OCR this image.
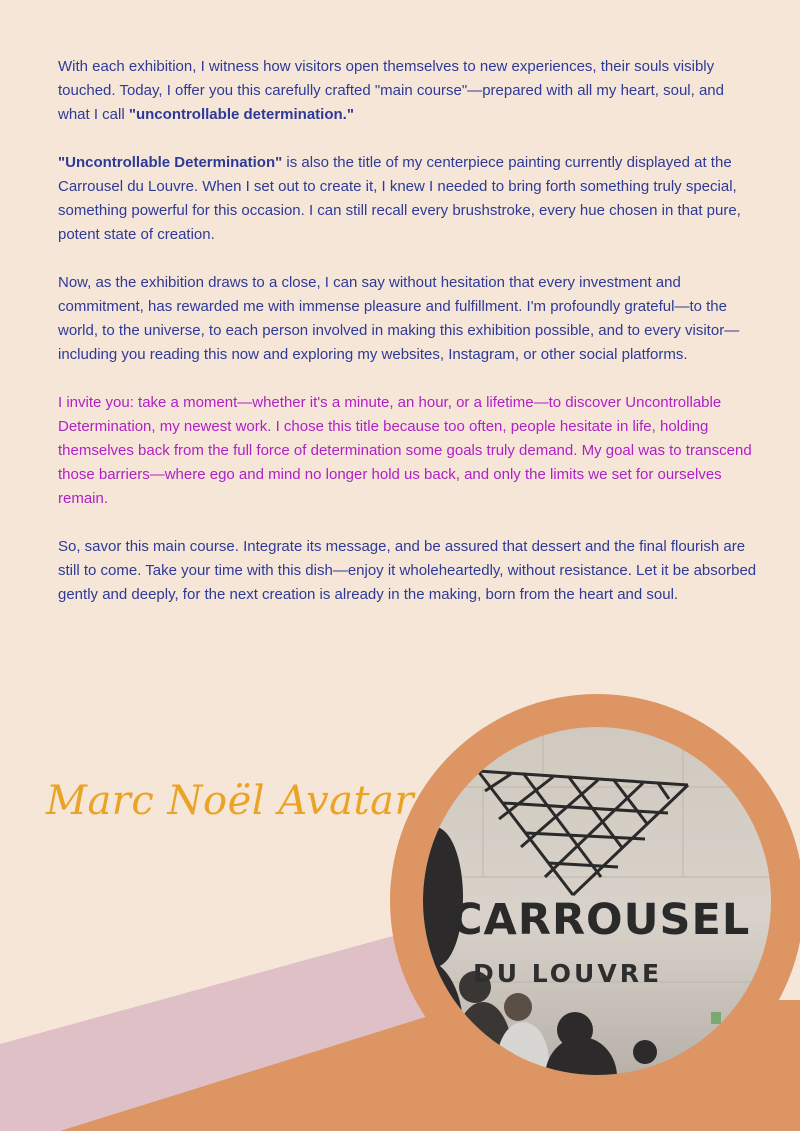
With each exhibition, I witness how visitors open themselves to new experiences, their souls visibly touched. Today, I offer you this carefully crafted "main course"—prepared with all my heart, soul, and what I call "uncontrollable determination."

"Uncontrollable Determination" is also the title of my centerpiece painting currently displayed at the Carrousel du Louvre. When I set out to create it, I knew I needed to bring forth something truly special, something powerful for this occasion. I can still recall every brushstroke, every hue chosen in that pure, potent state of creation.

Now, as the exhibition draws to a close, I can say without hesitation that every investment and commitment, has rewarded me with immense pleasure and fulfillment. I'm profoundly grateful—to the world, to the universe, to each person involved in making this exhibition possible, and to every visitor—including you reading this now and exploring my websites, Instagram, or other social platforms.

I invite you: take a moment—whether it's a minute, an hour, or a lifetime—to discover Uncontrollable Determination, my newest work. I chose this title because too often, people hesitate in life, holding themselves back from the full force of determination some goals truly demand. My goal was to transcend those barriers—where ego and mind no longer hold us back, and only the limits we set for ourselves remain.

So, savor this main course. Integrate its message, and be assured that dessert and the final flourish are still to come. Take your time with this dish—enjoy it wholeheartedly, without resistance. Let it be absorbed gently and deeply, for the next creation is already in the making, born from the heart and soul.

Marc Noël Avatar
CARROUSEL
DU LOUVRE
